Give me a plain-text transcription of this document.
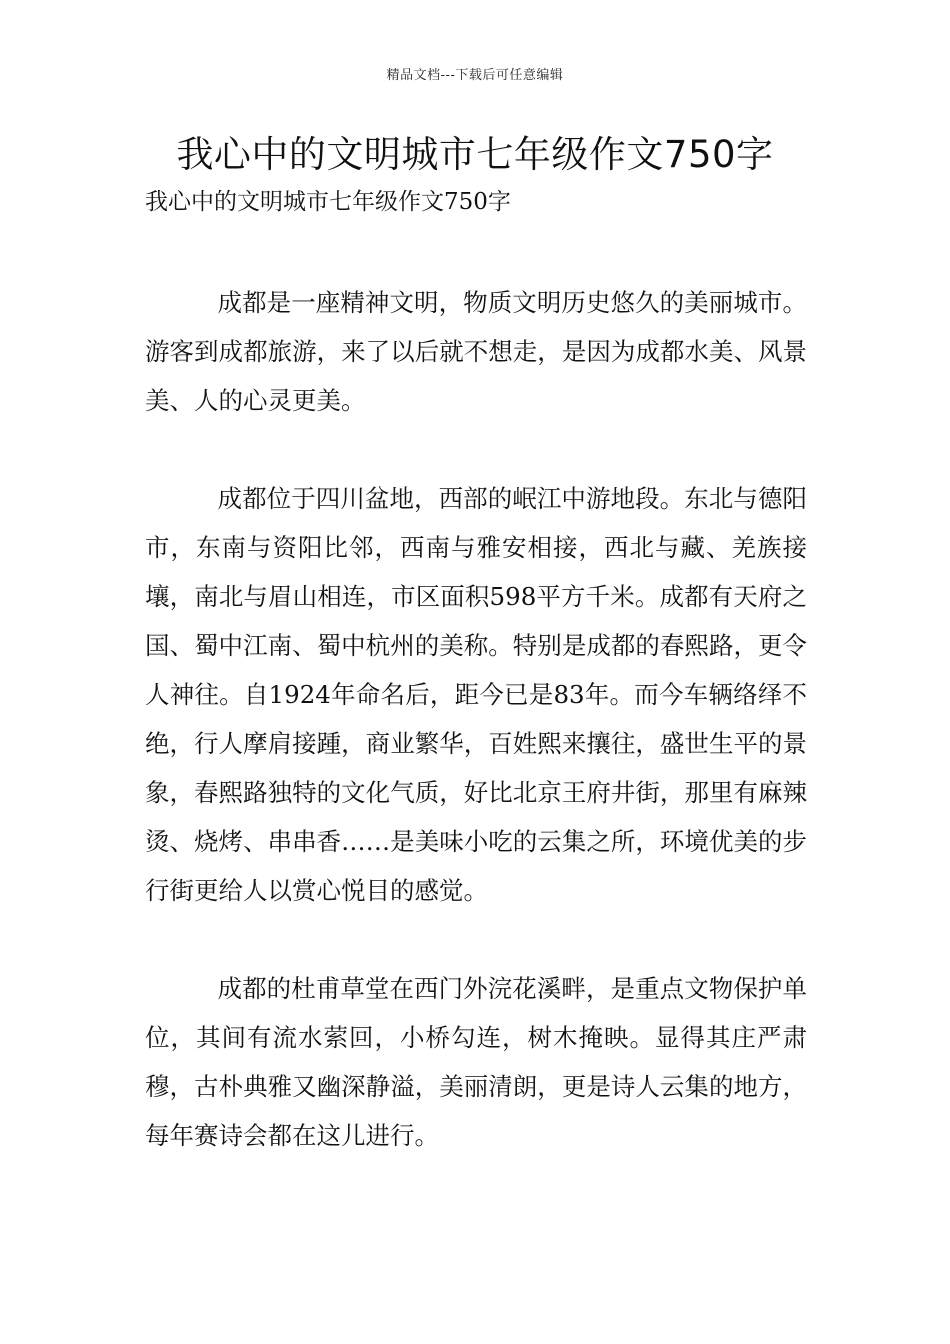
精品文档---下载后可任意编辑
我心中的文明城市七年级作文750字
我心中的文明城市七年级作文750字

成都是一座精神文明，物质文明历史悠久的美丽城市。游客到成都旅游，来了以后就不想走，是因为成都水美、风景美、人的心灵更美。

成都位于四川盆地，西部的岷江中游地段。东北与德阳市，东南与资阳比邻，西南与雅安相接，西北与藏、羌族接壤，南北与眉山相连，市区面积598平方千米。成都有天府之国、蜀中江南、蜀中杭州的美称。特别是成都的春熙路，更令人神往。自1924年命名后，距今已是83年。而今车辆络绎不绝，行人摩肩接踵，商业繁华，百姓熙来攘往，盛世生平的景象，春熙路独特的文化气质，好比北京王府井街，那里有麻辣烫、烧烤、串串香……是美味小吃的云集之所，环境优美的步行街更给人以赏心悦目的感觉。

成都的杜甫草堂在西门外浣花溪畔，是重点文物保护单位，其间有流水萦回，小桥勾连，树木掩映。显得其庄严肃穆，古朴典雅又幽深静溢，美丽清朗，更是诗人云集的地方，每年赛诗会都在这儿进行。
